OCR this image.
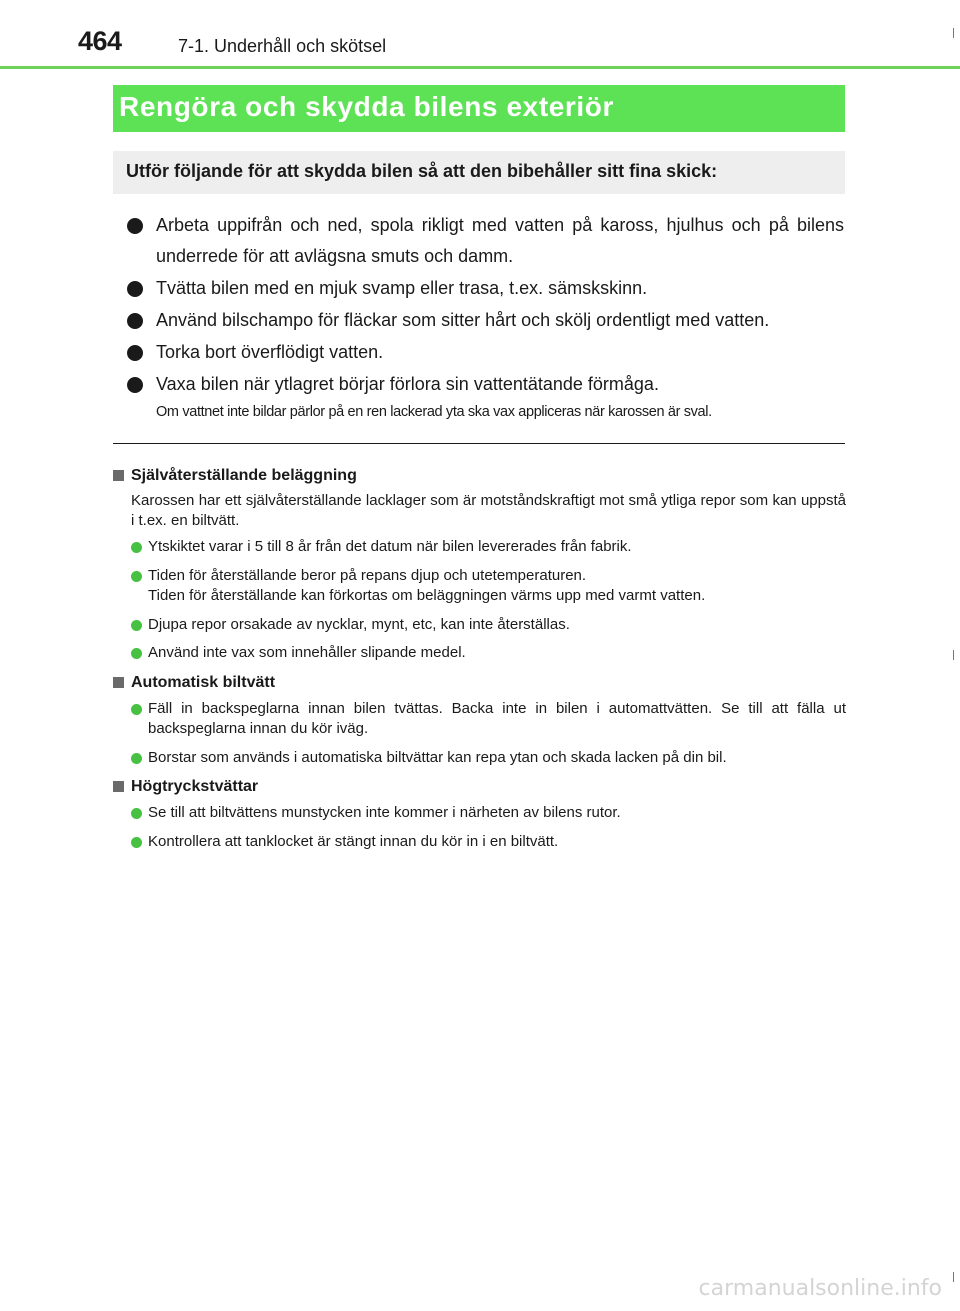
464	7-1. Underhåll och skötsel
Rengöra och skydda bilens exteriör

Utför följande för att skydda bilen så att den bibehåller sitt fina skick:

Arbeta uppifrån och ned, spola rikligt med vatten på kaross, hjulhus och på bilens underrede för att avlägsna smuts och damm.
Tvätta bilen med en mjuk svamp eller trasa, t.ex. sämskskinn.
Använd bilschampo för fläckar som sitter hårt och skölj ordentligt med vatten.
Torka bort överflödigt vatten.
Vaxa bilen när ytlagret börjar förlora sin vattentätande förmåga.
Om vattnet inte bildar pärlor på en ren lackerad yta ska vax appliceras när karossen är sval.
Självåterställande beläggning
Karossen har ett självåterställande lacklager som är motståndskraftigt mot små ytliga repor som kan uppstå i t.ex. en biltvätt.
Ytskiktet varar i 5 till 8 år från det datum när bilen levererades från fabrik.
Tiden för återställande beror på repans djup och utetemperaturen.
Tiden för återställande kan förkortas om beläggningen värms upp med varmt vatten.
Djupa repor orsakade av nycklar, mynt, etc, kan inte återställas.
Använd inte vax som innehåller slipande medel.
Automatisk biltvätt
Fäll in backspeglarna innan bilen tvättas. Backa inte in bilen i automattvätten. Se till att fälla ut backspeglarna innan du kör iväg.
Borstar som används i automatiska biltvättar kan repa ytan och skada lacken på din bil.
Högtryckstvättar
Se till att biltvättens munstycken inte kommer i närheten av bilens rutor.
Kontrollera att tanklocket är stängt innan du kör in i en biltvätt.
carmanualsonline.info
